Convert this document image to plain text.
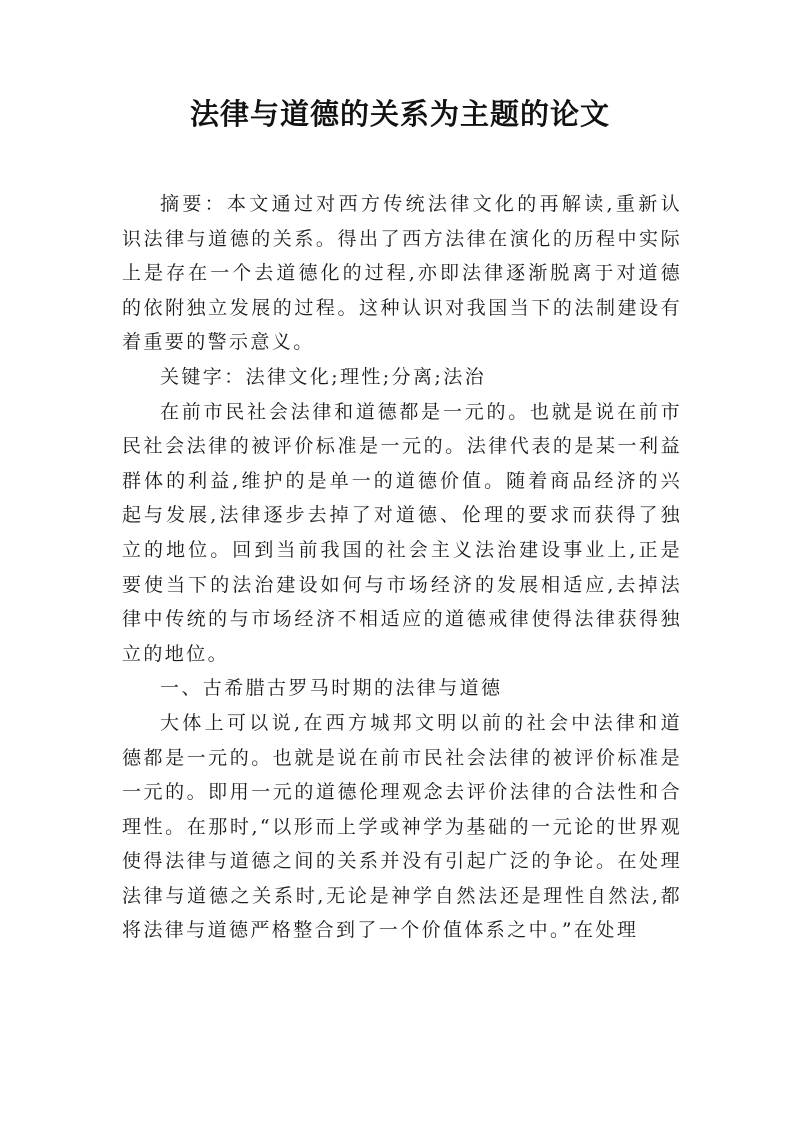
法律与道德的关系为主题的论文

摘要：本文通过对西方传统法律文化的再解读,重新认识法律与道德的关系。得出了西方法律在演化的历程中实际上是存在一个去道德化的过程,亦即法律逐渐脱离于对道德的依附独立发展的过程。这种认识对我国当下的法制建设有着重要的警示意义。

关键字：法律文化;理性;分离;法治

在前市民社会法律和道德都是一元的。也就是说在前市民社会法律的被评价标准是一元的。法律代表的是某一利益群体的利益,维护的是单一的道德价值。随着商品经济的兴起与发展,法律逐步去掉了对道德、伦理的要求而获得了独立的地位。回到当前我国的社会主义法治建设事业上,正是要使当下的法治建设如何与市场经济的发展相适应,去掉法律中传统的与市场经济不相适应的道德戒律使得法律获得独立的地位。

一、古希腊古罗马时期的法律与道德

大体上可以说,在西方城邦文明以前的社会中法律和道德都是一元的。也就是说在前市民社会法律的被评价标准是一元的。即用一元的道德伦理观念去评价法律的合法性和合理性。在那时,“以形而上学或神学为基础的一元论的世界观使得法律与道德之间的关系并没有引起广泛的争论。在处理法律与道德之关系时,无论是神学自然法还是理性自然法,都将法律与道德严格整合到了一个价值体系之中。”在处理
